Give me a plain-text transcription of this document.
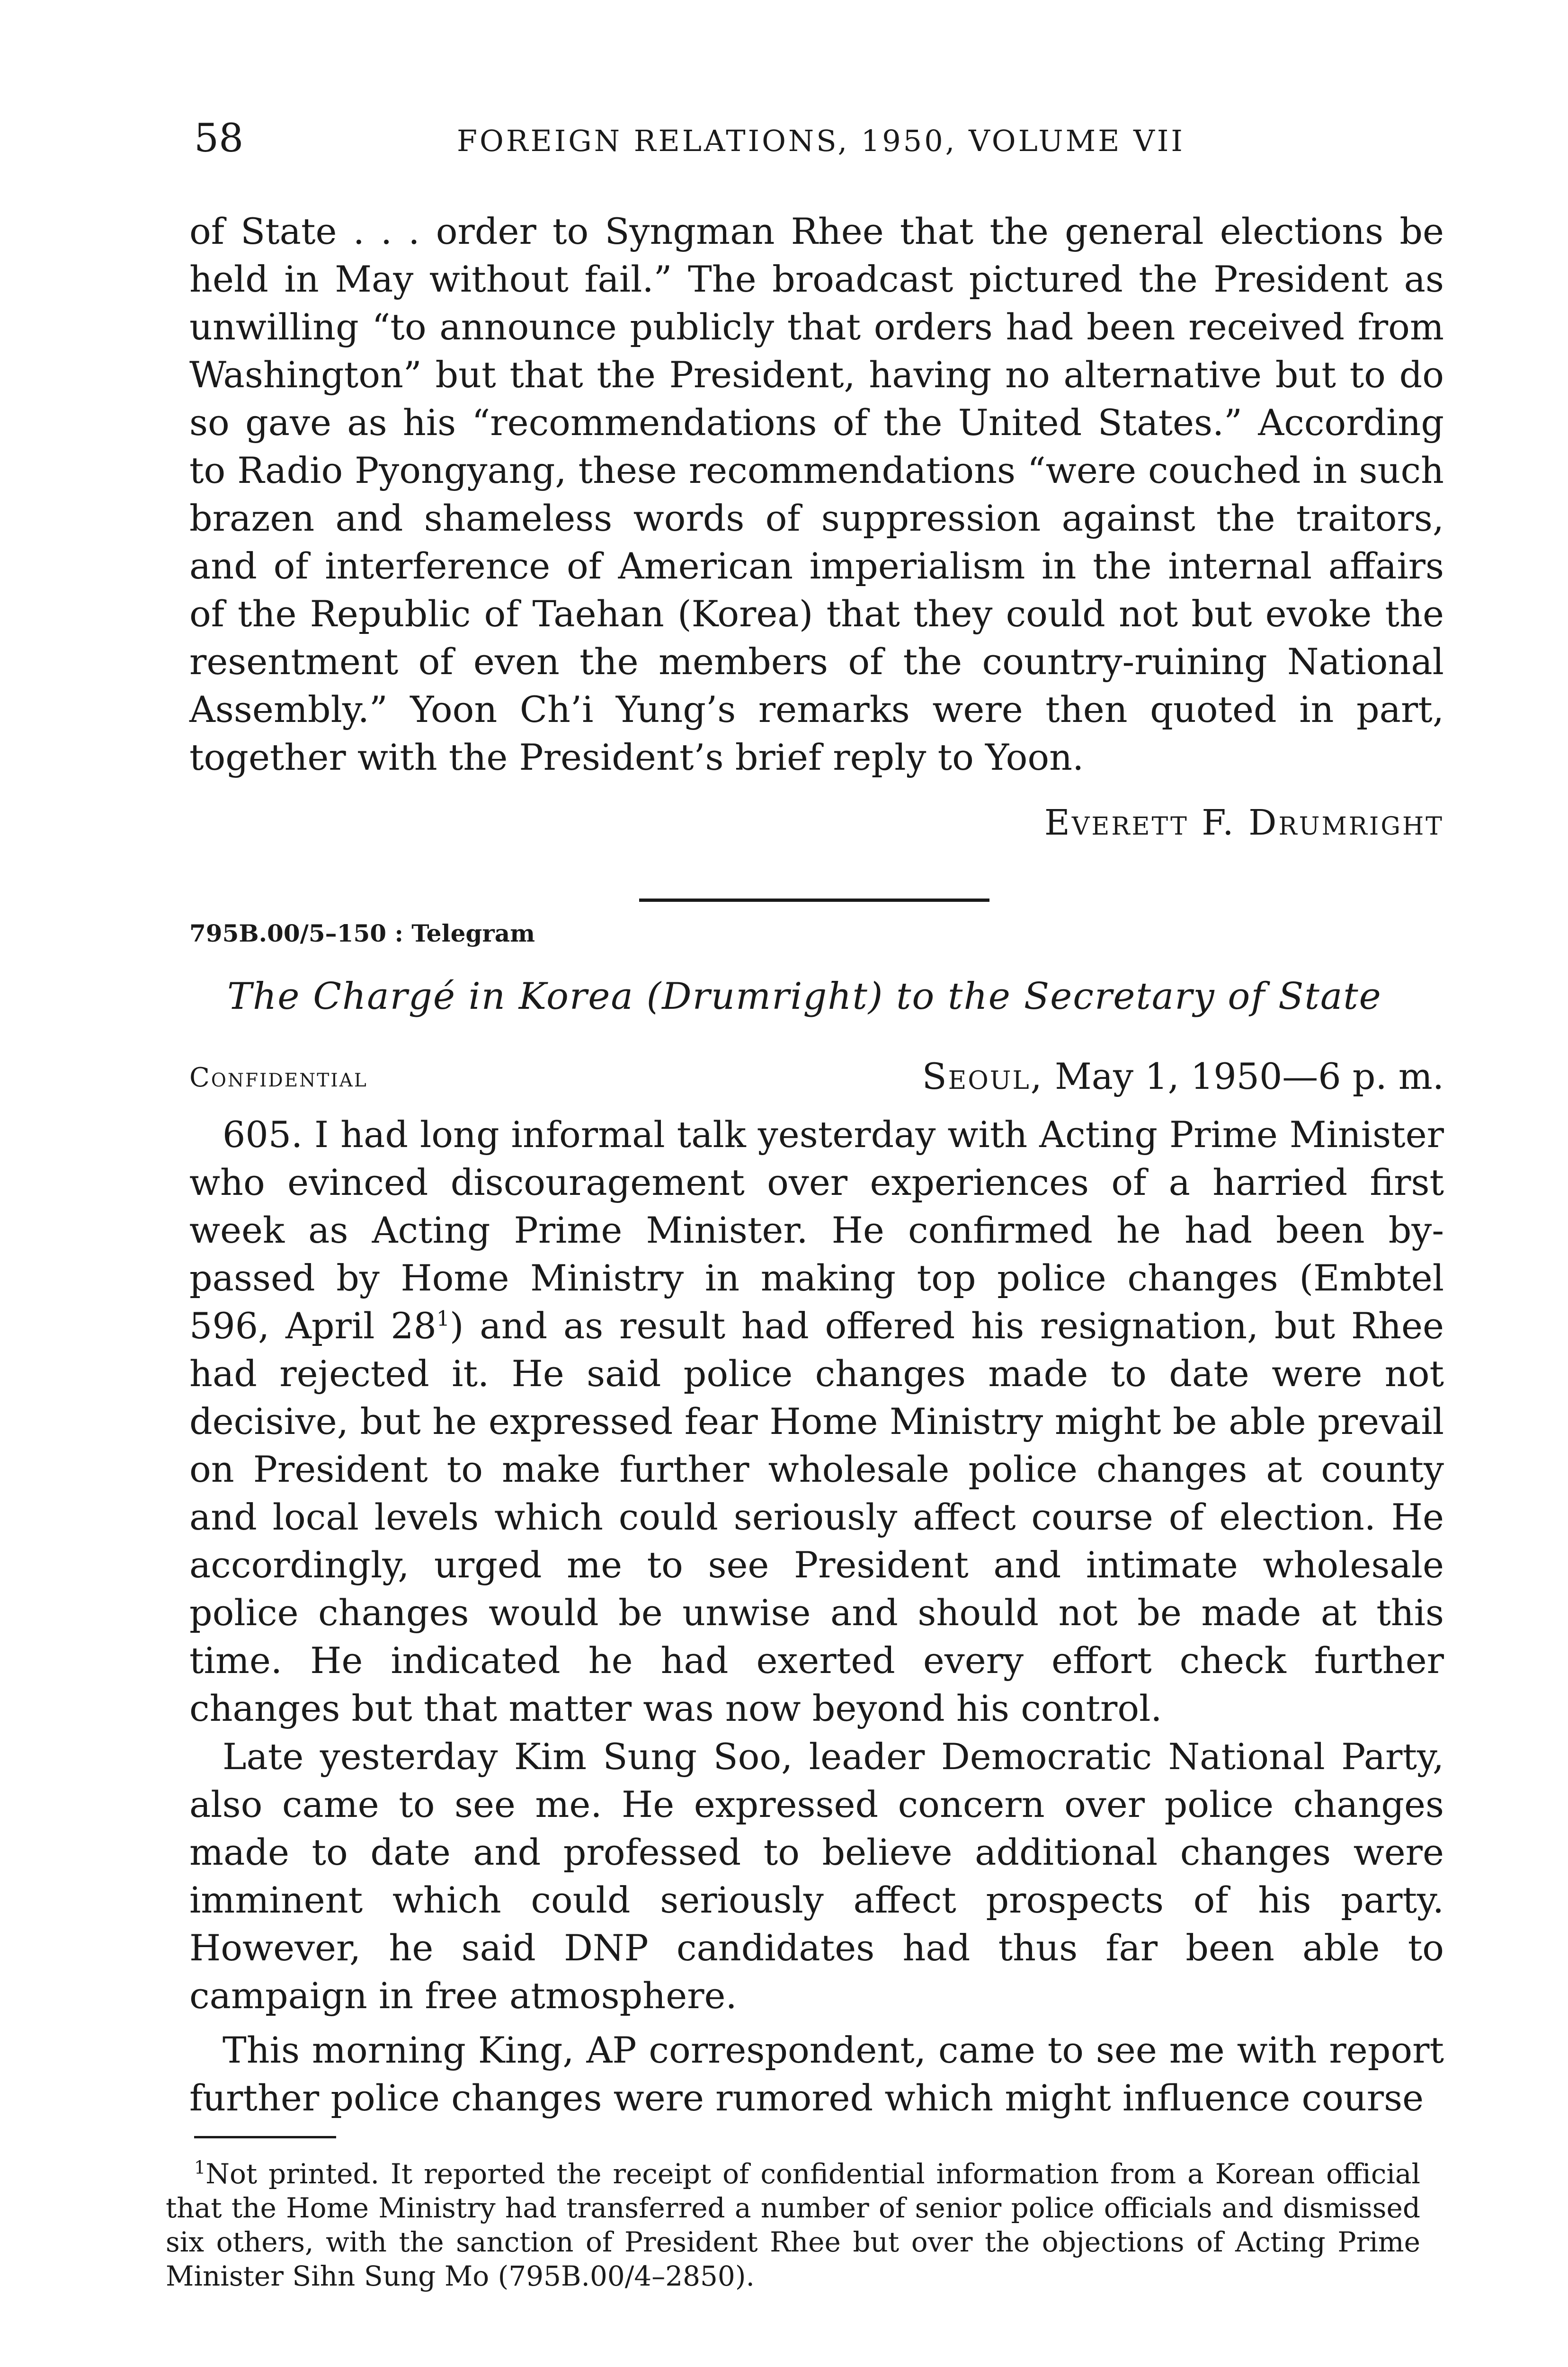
58	FOREIGN RELATIONS, 1950, VOLUME VII

of State . . . order to Syngman Rhee that the general elections be held in May without fail.” The broadcast pictured the President as unwilling “to announce publicly that orders had been received from Washington” but that the President, having no alternative but to do so gave as his “recommendations of the United States.” According to Radio Pyongyang, these recommendations “were couched in such brazen and shameless words of suppression against the traitors, and of interference of American imperialism in the internal affairs of the Republic of Taehan (Korea) that they could not but evoke the resentment of even the members of the country-ruining National Assembly.” Yoon Ch’i Yung’s remarks were then quoted in part, together with the President’s brief reply to Yoon.

Everett F. Drumright
795B.00/5–150 : Telegram
The Chargé in Korea (Drumright) to the Secretary of State
Confidential	Seoul, May 1, 1950—6 p. m.

605. I had long informal talk yesterday with Acting Prime Minister who evinced discouragement over experiences of a harried first week as Acting Prime Minister. He confirmed he had been by-passed by Home Ministry in making top police changes (Embtel 596, April 28$^1$) and as result had offered his resignation, but Rhee had rejected it. He said police changes made to date were not decisive, but he expressed fear Home Ministry might be able prevail on President to make further wholesale police changes at county and local levels which could seriously affect course of election. He accordingly, urged me to see President and intimate wholesale police changes would be unwise and should not be made at this time. He indicated he had exerted every effort check further changes but that matter was now beyond his control.

Late yesterday Kim Sung Soo, leader Democratic National Party, also came to see me. He expressed concern over police changes made to date and professed to believe additional changes were imminent which could seriously affect prospects of his party. However, he said DNP candidates had thus far been able to campaign in free atmosphere.

This morning King, AP correspondent, came to see me with report further police changes were rumored which might influence course

$^1$Not printed. It reported the receipt of confidential information from a Korean official that the Home Ministry had transferred a number of senior police officials and dismissed six others, with the sanction of President Rhee but over the objections of Acting Prime Minister Sihn Sung Mo (795B.00/4–2850).
